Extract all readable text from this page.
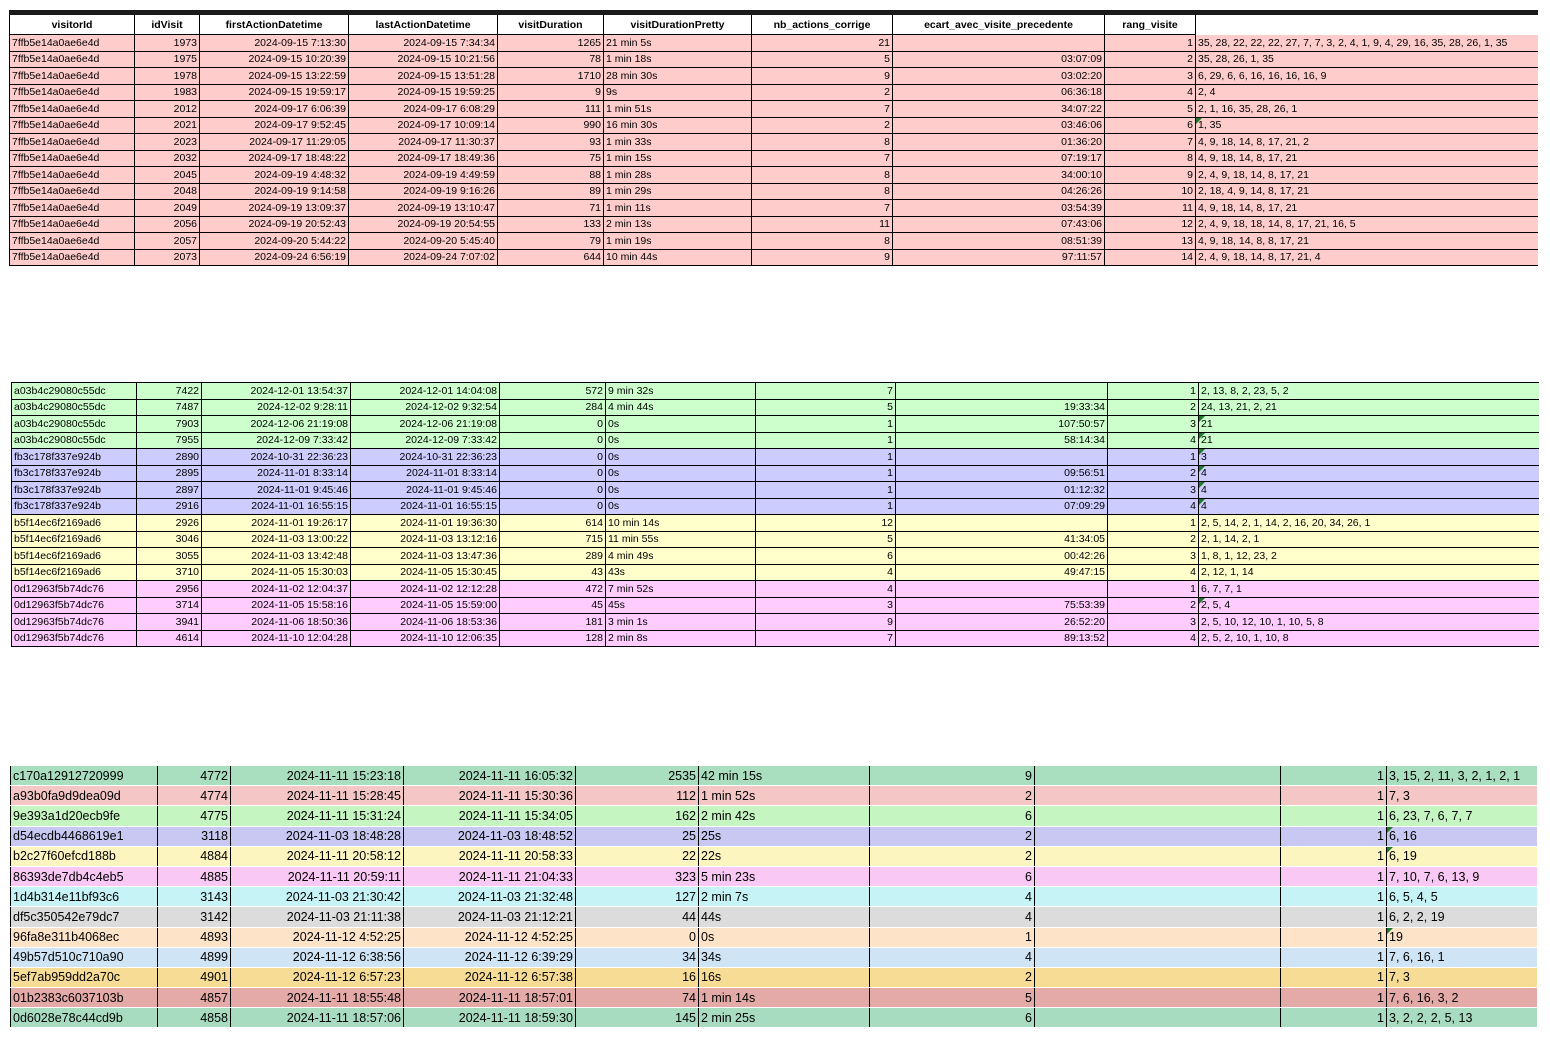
visitorId	idVisit	firstActionDatetime	lastActionDatetime	visitDuration	visitDurationPretty	nb_actions_corrige	ecart_avec_visite_precedente	rang_visite	
7ffb5e14a0ae6e4d	1973	2024-09-15 7:13:30	2024-09-15 7:34:34	1265	21 min 5s	21		1	35, 28, 22, 22, 22, 27, 7, 7, 3, 2, 4, 1, 9, 4, 29, 16, 35, 28, 26, 1, 35
7ffb5e14a0ae6e4d	1975	2024-09-15 10:20:39	2024-09-15 10:21:56	78	1 min 18s	5	03:07:09	2	35, 28, 26, 1, 35
7ffb5e14a0ae6e4d	1978	2024-09-15 13:22:59	2024-09-15 13:51:28	1710	28 min 30s	9	03:02:20	3	6, 29, 6, 6, 16, 16, 16, 16, 9
7ffb5e14a0ae6e4d	1983	2024-09-15 19:59:17	2024-09-15 19:59:25	9	9s	2	06:36:18	4	2, 4
7ffb5e14a0ae6e4d	2012	2024-09-17 6:06:39	2024-09-17 6:08:29	111	1 min 51s	7	34:07:22	5	2, 1, 16, 35, 28, 26, 1
7ffb5e14a0ae6e4d	2021	2024-09-17 9:52:45	2024-09-17 10:09:14	990	16 min 30s	2	03:46:06	6	1, 35
7ffb5e14a0ae6e4d	2023	2024-09-17 11:29:05	2024-09-17 11:30:37	93	1 min 33s	8	01:36:20	7	4, 9, 18, 14, 8, 17, 21, 2
7ffb5e14a0ae6e4d	2032	2024-09-17 18:48:22	2024-09-17 18:49:36	75	1 min 15s	7	07:19:17	8	4, 9, 18, 14, 8, 17, 21
7ffb5e14a0ae6e4d	2045	2024-09-19 4:48:32	2024-09-19 4:49:59	88	1 min 28s	8	34:00:10	9	2, 4, 9, 18, 14, 8, 17, 21
7ffb5e14a0ae6e4d	2048	2024-09-19 9:14:58	2024-09-19 9:16:26	89	1 min 29s	8	04:26:26	10	2, 18, 4, 9, 14, 8, 17, 21
7ffb5e14a0ae6e4d	2049	2024-09-19 13:09:37	2024-09-19 13:10:47	71	1 min 11s	7	03:54:39	11	4, 9, 18, 14, 8, 17, 21
7ffb5e14a0ae6e4d	2056	2024-09-19 20:52:43	2024-09-19 20:54:55	133	2 min 13s	11	07:43:06	12	2, 4, 9, 18, 18, 14, 8, 17, 21, 16, 5
7ffb5e14a0ae6e4d	2057	2024-09-20 5:44:22	2024-09-20 5:45:40	79	1 min 19s	8	08:51:39	13	4, 9, 18, 14, 8, 8, 17, 21
7ffb5e14a0ae6e4d	2073	2024-09-24 6:56:19	2024-09-24 7:07:02	644	10 min 44s	9	97:11:57	14	2, 4, 9, 18, 14, 8, 17, 21, 4
a03b4c29080c55dc	7422	2024-12-01 13:54:37	2024-12-01 14:04:08	572	9 min 32s	7		1	2, 13, 8, 2, 23, 5, 2
a03b4c29080c55dc	7487	2024-12-02 9:28:11	2024-12-02 9:32:54	284	4 min 44s	5	19:33:34	2	24, 13, 21, 2, 21
a03b4c29080c55dc	7903	2024-12-06 21:19:08	2024-12-06 21:19:08	0	0s	1	107:50:57	3	21
a03b4c29080c55dc	7955	2024-12-09 7:33:42	2024-12-09 7:33:42	0	0s	1	58:14:34	4	21
fb3c178f337e924b	2890	2024-10-31 22:36:23	2024-10-31 22:36:23	0	0s	1		1	3
fb3c178f337e924b	2895	2024-11-01 8:33:14	2024-11-01 8:33:14	0	0s	1	09:56:51	2	4
fb3c178f337e924b	2897	2024-11-01 9:45:46	2024-11-01 9:45:46	0	0s	1	01:12:32	3	4
fb3c178f337e924b	2916	2024-11-01 16:55:15	2024-11-01 16:55:15	0	0s	1	07:09:29	4	4
b5f14ec6f2169ad6	2926	2024-11-01 19:26:17	2024-11-01 19:36:30	614	10 min 14s	12		1	2, 5, 14, 2, 1, 14, 2, 16, 20, 34, 26, 1
b5f14ec6f2169ad6	3046	2024-11-03 13:00:22	2024-11-03 13:12:16	715	11 min 55s	5	41:34:05	2	2, 1, 14, 2, 1
b5f14ec6f2169ad6	3055	2024-11-03 13:42:48	2024-11-03 13:47:36	289	4 min 49s	6	00:42:26	3	1, 8, 1, 12, 23, 2
b5f14ec6f2169ad6	3710	2024-11-05 15:30:03	2024-11-05 15:30:45	43	43s	4	49:47:15	4	2, 12, 1, 14
0d12963f5b74dc76	2956	2024-11-02 12:04:37	2024-11-02 12:12:28	472	7 min 52s	4		1	6, 7, 7, 1
0d12963f5b74dc76	3714	2024-11-05 15:58:16	2024-11-05 15:59:00	45	45s	3	75:53:39	2	2, 5, 4
0d12963f5b74dc76	3941	2024-11-06 18:50:36	2024-11-06 18:53:36	181	3 min 1s	9	26:52:20	3	2, 5, 10, 12, 10, 1, 10, 5, 8
0d12963f5b74dc76	4614	2024-11-10 12:04:28	2024-11-10 12:06:35	128	2 min 8s	7	89:13:52	4	2, 5, 2, 10, 1, 10, 8
c170a12912720999	4772	2024-11-11 15:23:18	2024-11-11 16:05:32	2535	42 min 15s	9		1	3, 15, 2, 11, 3, 2, 1, 2, 1
a93b0fa9d9dea09d	4774	2024-11-11 15:28:45	2024-11-11 15:30:36	112	1 min 52s	2		1	7, 3
9e393a1d20ecb9fe	4775	2024-11-11 15:31:24	2024-11-11 15:34:05	162	2 min 42s	6		1	6, 23, 7, 6, 7, 7
d54ecdb4468619e1	3118	2024-11-03 18:48:28	2024-11-03 18:48:52	25	25s	2		1	6, 16
b2c27f60efcd188b	4884	2024-11-11 20:58:12	2024-11-11 20:58:33	22	22s	2		1	6, 19
86393de7db4c4eb5	4885	2024-11-11 20:59:11	2024-11-11 21:04:33	323	5 min 23s	6		1	7, 10, 7, 6, 13, 9
1d4b314e11bf93c6	3143	2024-11-03 21:30:42	2024-11-03 21:32:48	127	2 min 7s	4		1	6, 5, 4, 5
df5c350542e79dc7	3142	2024-11-03 21:11:38	2024-11-03 21:12:21	44	44s	4		1	6, 2, 2, 19
96fa8e311b4068ec	4893	2024-11-12 4:52:25	2024-11-12 4:52:25	0	0s	1		1	19
49b57d510c710a90	4899	2024-11-12 6:38:56	2024-11-12 6:39:29	34	34s	4		1	7, 6, 16, 1
5ef7ab959dd2a70c	4901	2024-11-12 6:57:23	2024-11-12 6:57:38	16	16s	2		1	7, 3
01b2383c6037103b	4857	2024-11-11 18:55:48	2024-11-11 18:57:01	74	1 min 14s	5		1	7, 6, 16, 3, 2
0d6028e78c44cd9b	4858	2024-11-11 18:57:06	2024-11-11 18:59:30	145	2 min 25s	6		1	3, 2, 2, 2, 5, 13
